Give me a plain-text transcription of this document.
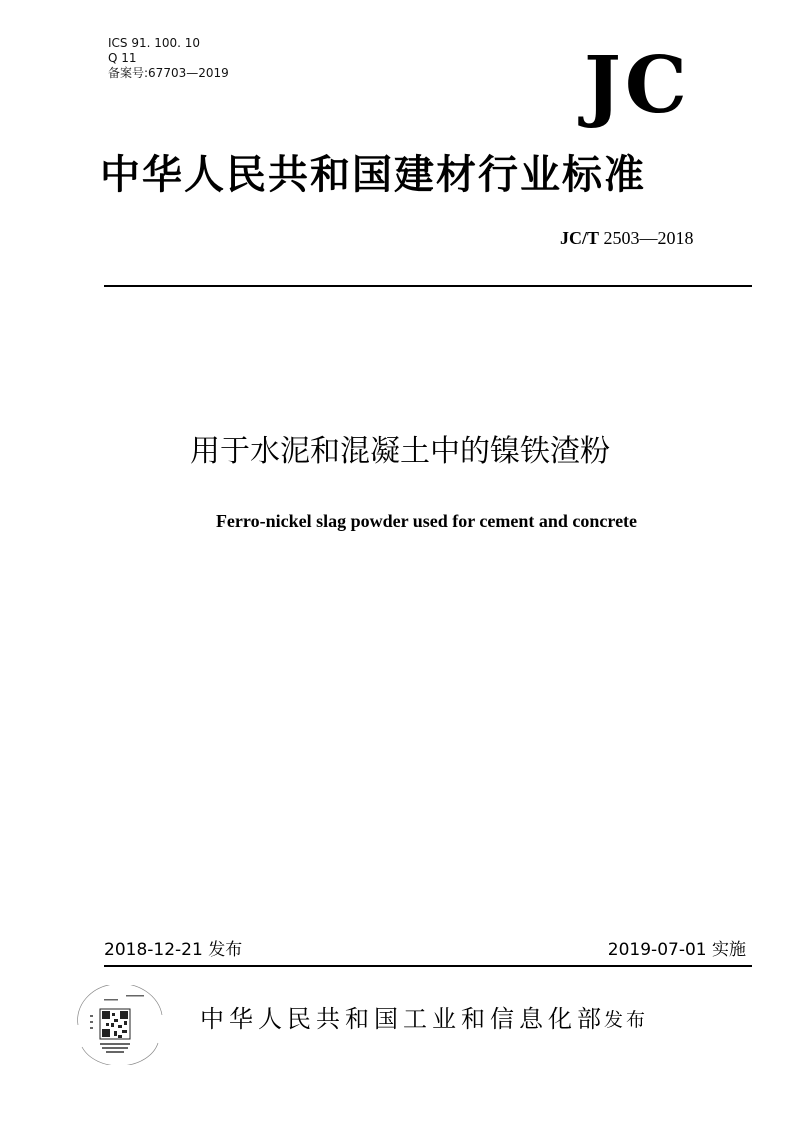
ICS 91. 100. 10
Q 11
备案号:67703—2019	JC
中华人民共和国建材行业标准
JC/T 2503—2018
用于水泥和混凝土中的镍铁渣粉
Ferro-nickel slag powder used for cement and concrete
2018-12-21 发布	2019-07-01 实施
中华人民共和国工业和信息化部
发布
